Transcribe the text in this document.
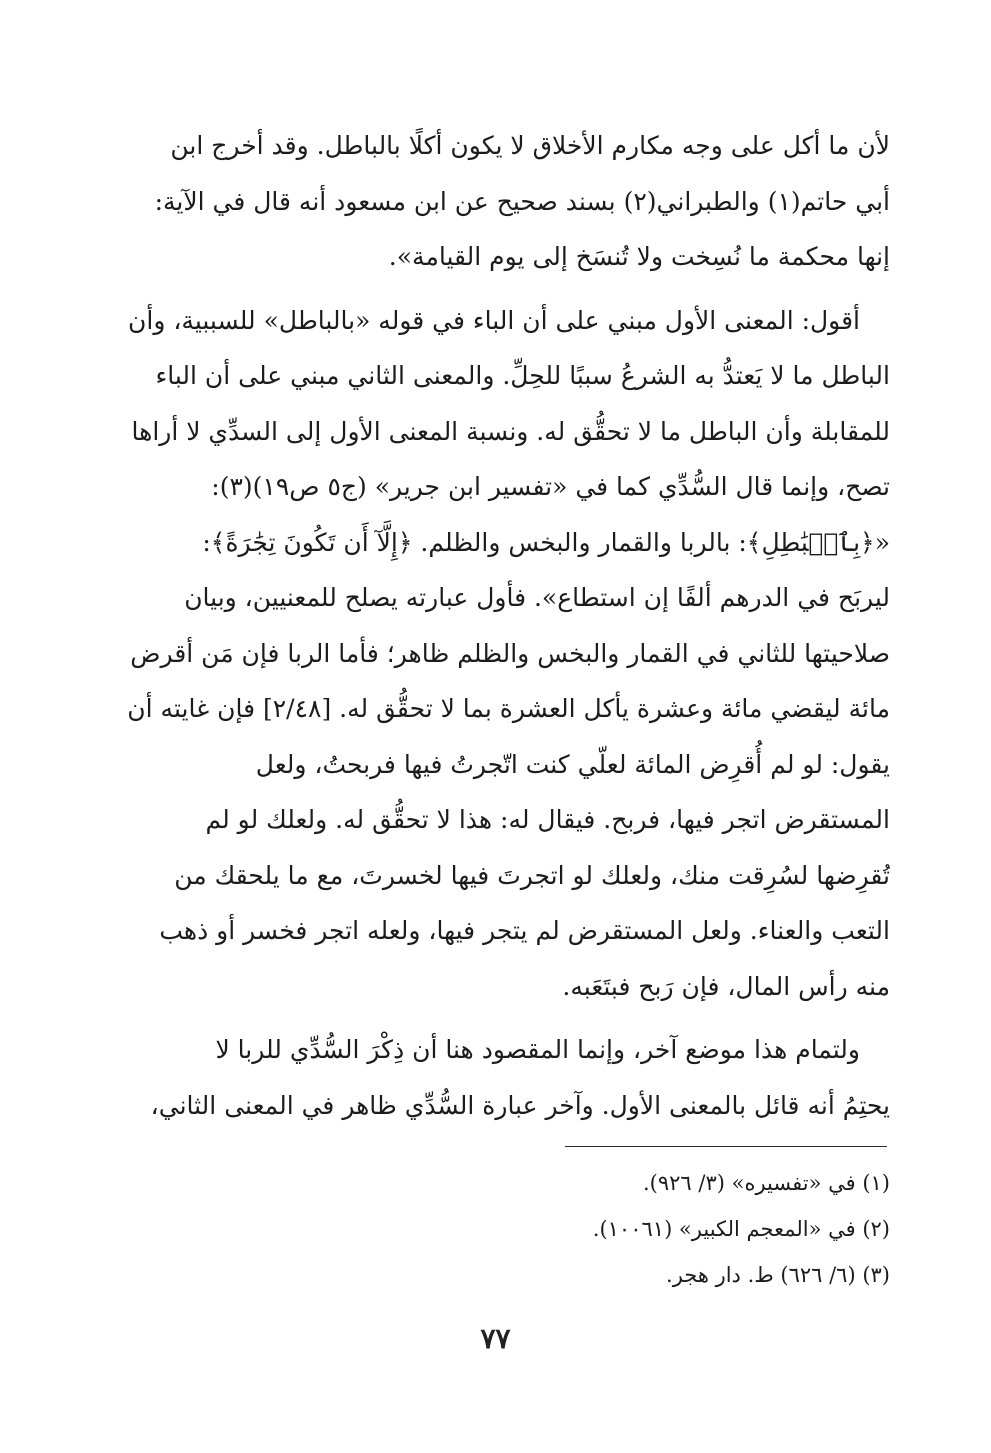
لأن ما أكل على وجه مكارم الأخلاق لا يكون أكلًا بالباطل. وقد أخرج ابن
أبي حاتم(١) والطبراني(٢) بسند صحيح عن ابن مسعود أنه قال في الآية:
إنها محكمة ما نُسِخت ولا تُنسَخ إلى يوم القيامة».

أقول: المعنى الأول مبني على أن الباء في قوله «بالباطل» للسببية، وأن
الباطل ما لا يَعتدُّ به الشرعُ سببًا للحِلِّ. والمعنى الثاني مبني على أن الباء
للمقابلة وأن الباطل ما لا تحقُّق له. ونسبة المعنى الأول إلى السدِّي لا أراها
تصح، وإنما قال السُّدِّي كما في «تفسير ابن جرير» (ج٥ ص١٩)(٣):
«﴿بِٱلۡبَٰطِلِ﴾: بالربا والقمار والبخس والظلم. ﴿إِلَّآ أَن تَكُونَ تِجَٰرَةً﴾:
ليربَح في الدرهم ألفًا إن استطاع». فأول عبارته يصلح للمعنيين، وبيان
صلاحيتها للثاني في القمار والبخس والظلم ظاهر؛ فأما الربا فإن مَن أقرض
مائة ليقضي مائة وعشرة يأكل العشرة بما لا تحقُّق له. [٢/٤٨] فإن غايته أن
يقول: لو لم أُقرِض المائة لعلّي كنت اتّجرتُ فيها فربحتُ، ولعل
المستقرض اتجر فيها، فربح. فيقال له: هذا لا تحقُّق له. ولعلك لو لم
تُقرِضها لسُرِقت منك، ولعلك لو اتجرتَ فيها لخسرتَ، مع ما يلحقك من
التعب والعناء. ولعل المستقرض لم يتجر فيها، ولعله اتجر فخسر أو ذهب
منه رأس المال، فإن رَبح فبتَعَبه.

ولتمام هذا موضع آخر، وإنما المقصود هنا أن ذِكْرَ السُّدِّي للربا لا
يحتِمُ أنه قائل بالمعنى الأول. وآخر عبارة السُّدِّي ظاهر في المعنى الثاني،

(١) في «تفسيره» (٣/ ٩٢٦).
(٢) في «المعجم الكبير» (١٠٠٦١).
(٣) (٦/ ٦٢٦) ط. دار هجر.
٧٧
